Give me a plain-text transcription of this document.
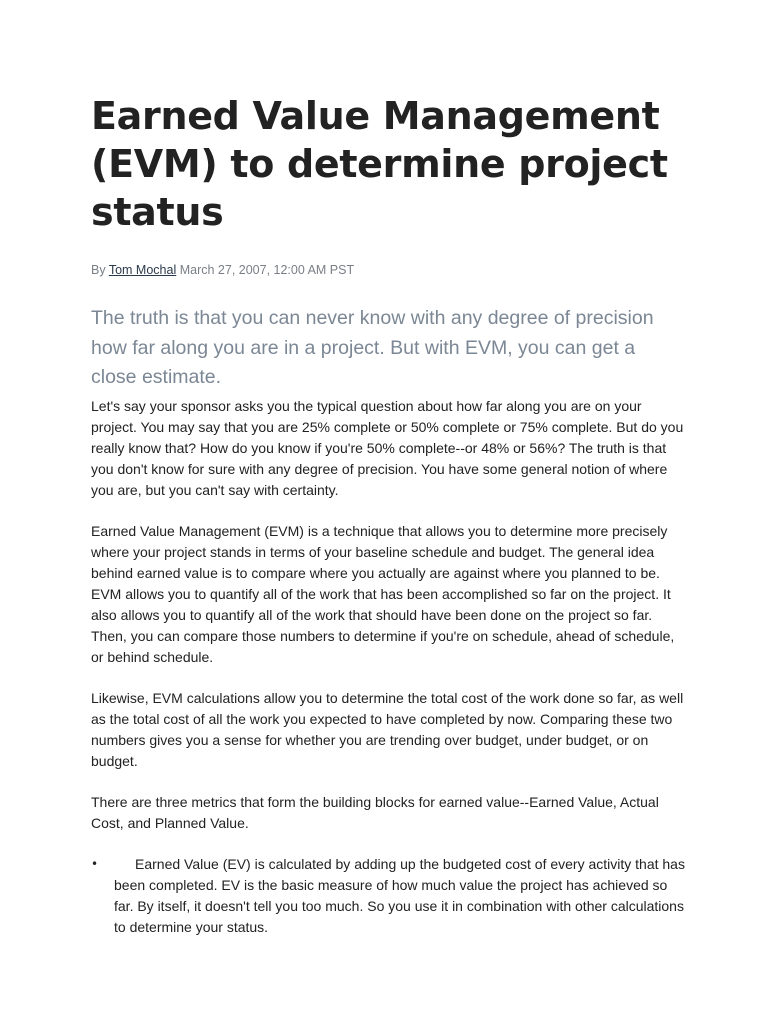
Earned Value Management (EVM) to determine project status
By Tom Mochal March 27, 2007, 12:00 AM PST

The truth is that you can never know with any degree of precision how far along you are in a project. But with EVM, you can get a close estimate.

Let's say your sponsor asks you the typical question about how far along you are on your project. You may say that you are 25% complete or 50% complete or 75% complete. But do you really know that? How do you know if you're 50% complete--or 48% or 56%? The truth is that you don't know for sure with any degree of precision. You have some general notion of where you are, but you can't say with certainty.

Earned Value Management (EVM) is a technique that allows you to determine more precisely where your project stands in terms of your baseline schedule and budget. The general idea behind earned value is to compare where you actually are against where you planned to be. EVM allows you to quantify all of the work that has been accomplished so far on the project. It also allows you to quantify all of the work that should have been done on the project so far. Then, you can compare those numbers to determine if you're on schedule, ahead of schedule, or behind schedule.

Likewise, EVM calculations allow you to determine the total cost of the work done so far, as well as the total cost of all the work you expected to have completed by now. Comparing these two numbers gives you a sense for whether you are trending over budget, under budget, or on budget.

There are three metrics that form the building blocks for earned value--Earned Value, Actual Cost, and Planned Value.

•	Earned Value (EV) is calculated by adding up the budgeted cost of every activity that has been completed. EV is the basic measure of how much value the project has achieved so far. By itself, it doesn't tell you too much. So you use it in combination with other calculations to determine your status.
